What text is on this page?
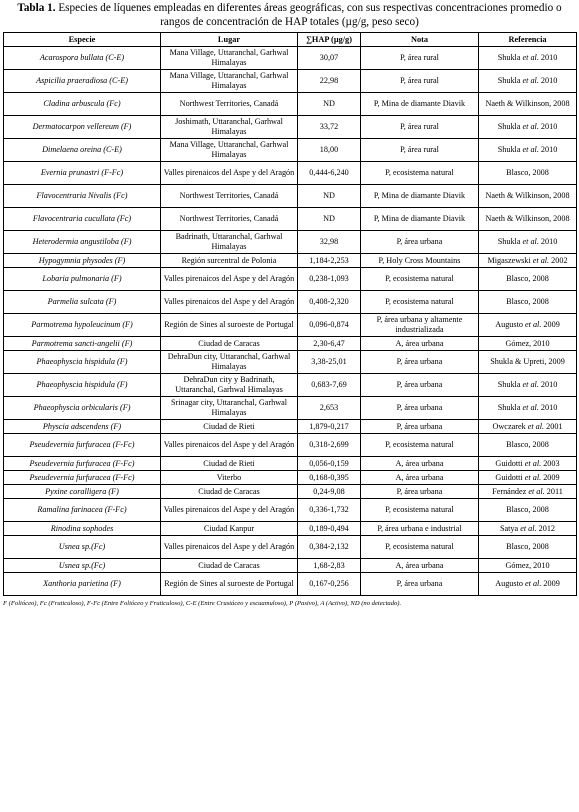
Tabla 1. Especies de líquenes empleadas en diferentes áreas geográficas, con sus respectivas concentraciones promedio o rangos de concentración de HAP totales (µg/g, peso seco)
Especie	Lugar	∑HAP (µg/g)	Nota	Referencia
Acarospora bullata (C-E)	Mana Village, Uttaranchal, Garhwal Himalayas	30,07	P, área rural	Shukla et al. 2010
Aspicilia praeradiosa (C-E)	Mana Village, Uttaranchal, Garhwal Himalayas	22,98	P, área rural	Shukla et al. 2010
Cladina arbuscula (Fc)	Northwest Territories, Canadá	ND	P, Mina de diamante Diavik	Naeth & Wilkinson, 2008
Dermatocarpon vellereum (F)	Joshimath, Uttaranchal, Garhwal Himalayas	33,72	P, área rural	Shukla et al. 2010
Dimelaena oreina (C-E)	Mana Village, Uttaranchal, Garhwal Himalayas	18,00	P, área rural	Shukla et al. 2010
Evernia prunastri (F-Fc)	Valles pirenaicos del Aspe y del Aragón	0,444-6,240	P, ecosistema natural	Blasco, 2008
Flavocentraria Nivalis (Fc)	Northwest Territories, Canadá	ND	P, Mina de diamante Diavik	Naeth & Wilkinson, 2008
Flavocentraria cucullata (Fc)	Northwest Territories, Canadá	ND	P, Mina de diamante Diavik	Naeth & Wilkinson, 2008
Heterodermia angustiloba (F)	Badrinath, Uttaranchal, Garhwal Himalayas	32,98	P, área urbana	Shukla et al. 2010
Hypogymnia physodes (F)	Región surcentral de Polonia	1,184-2,253	P, Holy Cross Mountains	Migaszewski et al. 2002
Lobaria pulmonaria (F)	Valles pirenaicos del Aspe y del Aragón	0,238-1,093	P, ecosistema natural	Blasco, 2008
Parmelia sulcata (F)	Valles pirenaicos del Aspe y del Aragón	0,408-2,320	P, ecosistema natural	Blasco, 2008
Parmotrema hypoleucinum (F)	Región de Sines al suroeste de Portugal	0,096-0,874	P, área urbana y altamente industrializada	Augusto et al. 2009
Parmotrema sancti-angelii (F)	Ciudad de Caracas	2,30-6,47	A, área urbana	Gómez, 2010
Phaeophyscia hispidula (F)	DehraDun city, Uttaranchal, Garhwal Himalayas	3,38-25,01	P, área urbana	Shukla & Upreti, 2009
Phaeophyscia hispidula (F)	DehraDun city y Badrinath, Uttaranchal, Garhwal Himalayas	0,683-7,69	P, área urbana	Shukla et al. 2010
Phaeophyscia orbicularis (F)	Srinagar city, Uttaranchal, Garhwal Himalayas	2,653	P, área urbana	Shukla et al. 2010
Physcia adscendens (F)	Ciudad de Rieti	1,879-0,217	P, área urbana	Owczarek et al. 2001
Pseudevernia furfuracea (F-Fc)	Valles pirenaicos del Aspe y del Aragón	0,318-2,699	P, ecosistema natural	Blasco, 2008
Pseudevernia furfuracea (F-Fc)	Ciudad de Rieti	0,056-0,159	A, área urbana	Guidotti et al. 2003
Pseudevernia furfuracea (F-Fc)	Viterbo	0,168-0,395	A, área urbana	Guidotti et al. 2009
Pyxine coralligera (F)	Ciudad de Caracas	0,24-9,08	P, área urbana	Fernández et al. 2011
Ramalina farinacea (F-Fc)	Valles pirenaicos del Aspe y del Aragón	0,336-1,732	P, ecosistema natural	Blasco, 2008
Rinodina sophodes	Ciudad Kanpur	0,189-0,494	P, área urbana e industrial	Satya et al. 2012
Usnea sp.(Fc)	Valles pirenaicos del Aspe y del Aragón	0,384-2,132	P, ecosistema natural	Blasco, 2008
Usnea sp.(Fc)	Ciudad de Caracas	1,68-2,83	A, área urbana	Gómez, 2010
Xanthoria parietina (F)	Región de Sines al suroeste de Portugal	0,167-0,256	P, área urbana	Augusto et al. 2009
F (Folióceo), Fc (Fruticuloso), F-Fc (Entre Folióceo y Fruticuloso), C-E (Entre Crustáceo y escuamuloso), P (Pasivo), A (Activo), ND (no detectado).
